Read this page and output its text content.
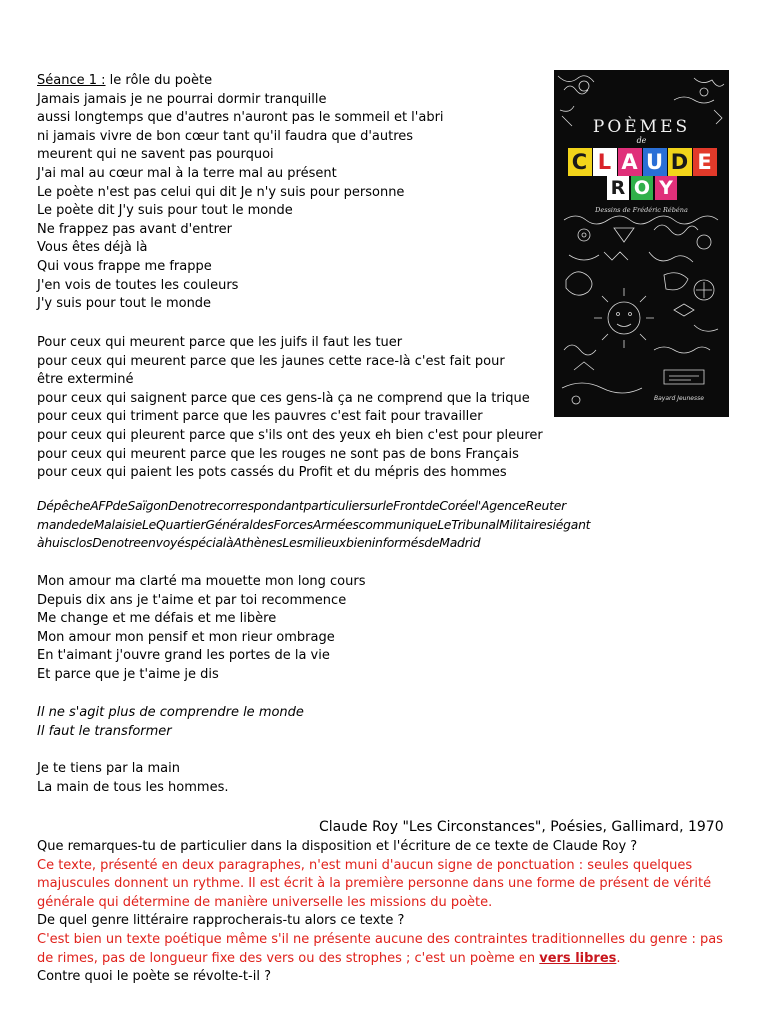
Séance 1 : le rôle du poète
Jamais jamais je ne pourrai dormir tranquille
aussi longtemps que d'autres n'auront pas le sommeil et l'abri
ni jamais vivre de bon cœur tant qu'il faudra que d'autres
meurent qui ne savent pas pourquoi
J'ai mal au cœur mal à la terre mal au présent
Le poète n'est pas celui qui dit Je n'y suis pour personne
Le poète dit J'y suis pour tout le monde
Ne frappez pas avant d'entrer
Vous êtes déjà là
Qui vous frappe me frappe
J'en vois de toutes les couleurs
J'y suis pour tout le monde
Pour ceux qui meurent parce que les juifs il faut les tuer
pour ceux qui meurent parce que les jaunes cette race-là c'est fait pour
être exterminé
pour ceux qui saignent parce que ces gens-là ça ne comprend que la trique
pour ceux qui triment parce que les pauvres c'est fait pour travailler
pour ceux qui pleurent parce que s'ils ont des yeux eh bien c'est pour pleurer
pour ceux qui meurent parce que les rouges ne sont pas de bons Français
pour ceux qui paient les pots cassés du Profit et du mépris des hommes
DépêcheAFPdeSaïgonDenotrecorrespondantparticuliersurleFrontdeCoréel'AgenceReuter
mandedeMalaisieLeQuartierGénéraldesForcesArméescommuniqueLeTribunalMilitairesiégant
àhuisclosDenotreenvoyéspécialàAthènesLesmilieuxbieninformésdeMadrid
Mon amour ma clarté ma mouette mon long cours
Depuis dix ans je t'aime et par toi recommence
Me change et me défais et me libère
Mon amour mon pensif et mon rieur ombrage
En t'aimant j'ouvre grand les portes de la vie
Et parce que je t'aime je dis
Il ne s'agit plus de comprendre le monde
Il faut le transformer
Je te tiens par la main
La main de tous les hommes.
Claude Roy "Les Circonstances", Poésies, Gallimard, 1970
Que remarques-tu de particulier dans la disposition et l'écriture de ce texte de Claude Roy ?
Ce texte, présenté en deux paragraphes, n'est muni d'aucun signe de ponctuation : seules quelques majuscules donnent un rythme. Il est écrit à la première personne dans une forme de présent de vérité générale qui détermine de manière universelle les missions du poète.
De quel genre littéraire rapprocherais-tu alors ce texte ?
C'est bien un texte poétique même s'il ne présente aucune des contraintes traditionnelles du genre : pas de rimes, pas de longueur fixe des vers ou des strophes ; c'est un poème en vers libres.
Contre quoi le poète se révolte-t-il ?
POÈMES
de
C L A U D E
R O Y
Dessins de Frédéric Rébéna
Bayard Jeunesse
